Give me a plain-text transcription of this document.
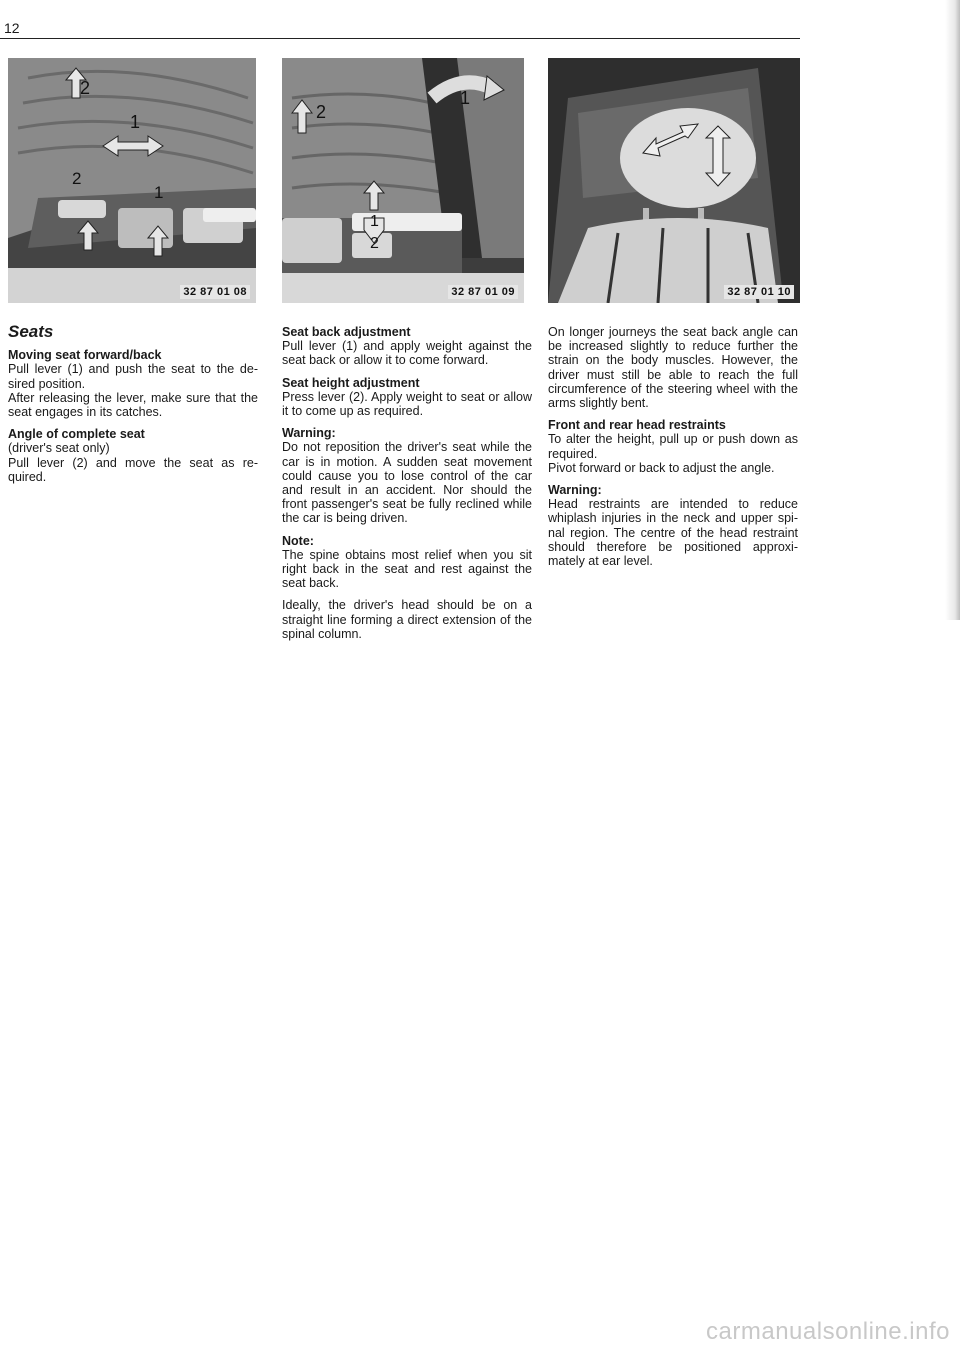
12
2
1
2
1
32 87 01 08
2
1
1
2
32 87 01 09	32 87 01 10
Seats
Moving seat forward/back

Pull lever (1) and push the seat to the de-sired position.

After releasing the lever, make sure that the seat engages in its catches.

Angle of complete seat

(driver's seat only)

Pull lever (2) and move the seat as re-quired.

Seat back adjustment

Pull lever (1) and apply weight against the seat back or allow it to come forward.

Seat height adjustment

Press lever (2). Apply weight to seat or allow it to come up as required.

Warning:

Do not reposition the driver's seat while the car is in motion. A sudden seat movement could cause you to lose control of the car and result in an accident. Nor should the front passenger's seat be fully reclined while the car is being driven.

Note:

The spine obtains most relief when you sit right back in the seat and rest against the seat back.

Ideally, the driver's head should be on a straight line forming a direct extension of the spinal column.

On longer journeys the seat back angle can be increased slightly to reduce further the strain on the body muscles. However, the driver must still be able to reach the full circumference of the steering wheel with the arms slightly bent.

Front and rear head restraints

To alter the height, pull up or push down as required.

Pivot forward or back to adjust the angle.

Warning:

Head restraints are intended to reduce whiplash injuries in the neck and upper spi-nal region. The centre of the head restraint should therefore be positioned approxi-mately at ear level.

carmanualsonline.info
